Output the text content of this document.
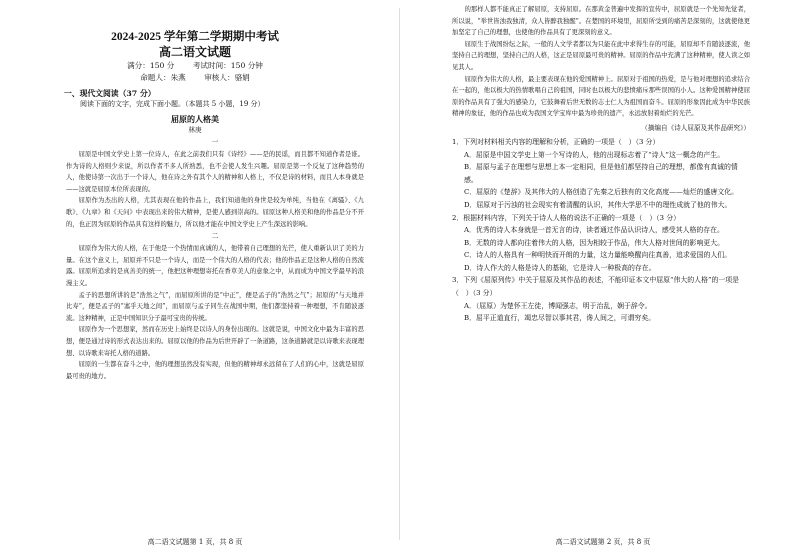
2024-2025 学年第二学期期中考试
高二语文试题
满分：150 分 考试时间：150 分钟
命题人：朱燕 审核人：骆娟
一、现代文阅读（37 分）
阅读下面的文字，完成下面小题。（本题共 5 小题，19 分）
屈原的人格美
林庚
一

屈原是中国文学史上第一位诗人，在此之前我们只有《诗经》——是的民谣，而且都不知道作者是谁。作为诗的人格则少来说，所以作者不多人所熟悉，也不会使人发生兴趣。屈原是第一个反复了这种趋势的人，他使诗第一次出于一个诗人，他在诗之外有其个人的精神和人格上，不仅是诗的材料，而且人本身就是——这就是屈原本位所表现的。

屈原作为杰出的人格，尤其表现在他的作品上，我们知道他的身世是较为单纯，当他在《离骚》、《九歌》、《九章》和《天问》中表现出来的伟大精神，是使人感到崇高的。屈原这种人格美和他的作品是分不开的，也正因为屈原的作品具有这样的魅力，所以他才能在中国文学史上产生深远的影响。

二

屈原作为伟大的人格，在于他是一个热情而真诚的人，他带着自己理想的光芒，使人重新认识了美的力量。在这个意义上，屈原并不只是一个诗人，而是一个伟大的人格的代表；他的作品正是这种人格的自然流露。屈原所追求的是真善美的统一，他把这种理想寄托在香草美人的意象之中，从而成为中国文学最早的浪漫主义。

孟子的思想所讲的是“浩然之气”，而屈原所讲的是“中正”，便是孟子的“浩然之气”；屈原的“与天地并比寿”，便是孟子的“塞乎天地之间”，而屈原与孟子同生在战国中期，他们都坚持着一种理想，不肯随波逐流。这种精神，正是中国知识分子最可宝贵的传统。

屈原作为一个思想家，然而在历史上始终是以诗人的身份出现的。这就是说，中国文化中最为丰富的思想，便是通过诗的形式表达出来的。屈原以他的作品为后世开辟了一条道路，这条道路就是以诗歌来表现理想、以诗歌来寄托人格的道路。

屈原的一生都在奋斗之中，他的理想虽然没有实现，但他的精神却永远留在了人们的心中，这就是屈原最可贵的地方。

高二语文试题第 1 页，共 8 页

的那样人都不能真正了解屈原，支持屈原。在那黄金普遍中发挥的宣传中，屈原就是一个先知先觉者，所以说，“举世皆浊我独清，众人皆醉我独醒”。在楚国的环境里，屈原所受到的痛苦是深刻的，这就使他更加坚定了自己的理想，也使他的作品具有了更深刻的意义。

屈原生于战国纷纭之际，一般的人文学者都以为只能在此中求得生存的可能，屈原却不肯随波逐流，他坚持自己的理想，坚持自己的人格，这正是屈原最可贵的精神。屈原的作品中充满了这种精神，使人读之如见其人。

屈原作为伟大的人格，最主要表现在他的爱国精神上。屈原对于祖国的热爱，是与他对理想的追求结合在一起的，他以极大的热情歌唱自己的祖国，同时也以极大的悲愤痛斥那些误国的小人。这种爱国精神使屈原的作品具有了强大的感染力，它鼓舞着后世无数的志士仁人为祖国而奋斗。屈原的形象因此成为中华民族精神的象征，他的作品也成为我国文学宝库中最为珍贵的遗产，永远放射着灿烂的光芒。

（摘编自《诗人屈原及其作品研究》）

1．下列对材料相关内容的理解和分析，正确的一项是（　）（3 分）

A．屈原是中国文学史上第一个写诗的人，他的出现标志着了“诗人”这一概念的产生。

B．屈原与孟子在理想与思想上本一定相同，但是他们都坚持自己的理想，都像有真诚的情感。

C．屈原的《楚辞》及其伟大的人格创造了先秦之后独有的文化高度——灿烂的盛唐文化。

D．屈原对于污浊的社会现实有着清醒的认识，其伟大学思不中的理性成就了他的伟大。

2．根据材料内容，下列关于诗人人格的说法不正确的一项是（　）（3 分）

A．优秀的诗人本身就是一首无言的诗，读者通过作品认识诗人，感受其人格的存在。

B．无数的诗人都向往着伟大的人格，因为相较于作品，伟大人格对世间的影响更大。

C．诗人的人格具有一种明快而开朗的力量，这力量能唤醒向往真善，追求爱国的人们。

D．诗人作大的人格是诗人的基础，它是诗人一种极高的存在。

3．下列《屈原列传》中关于屈原及其作品的表述，不能印证本文中屈原“伟大的人格”的一项是（　）（3 分）

A．（屈原）为楚怀王左徒，博闻强志，明于治乱，娴于辞令。

B．屈平正道直行，竭忠尽智以事其君，谗人间之，可谓穷矣。

高二语文试题第 2 页，共 8 页
